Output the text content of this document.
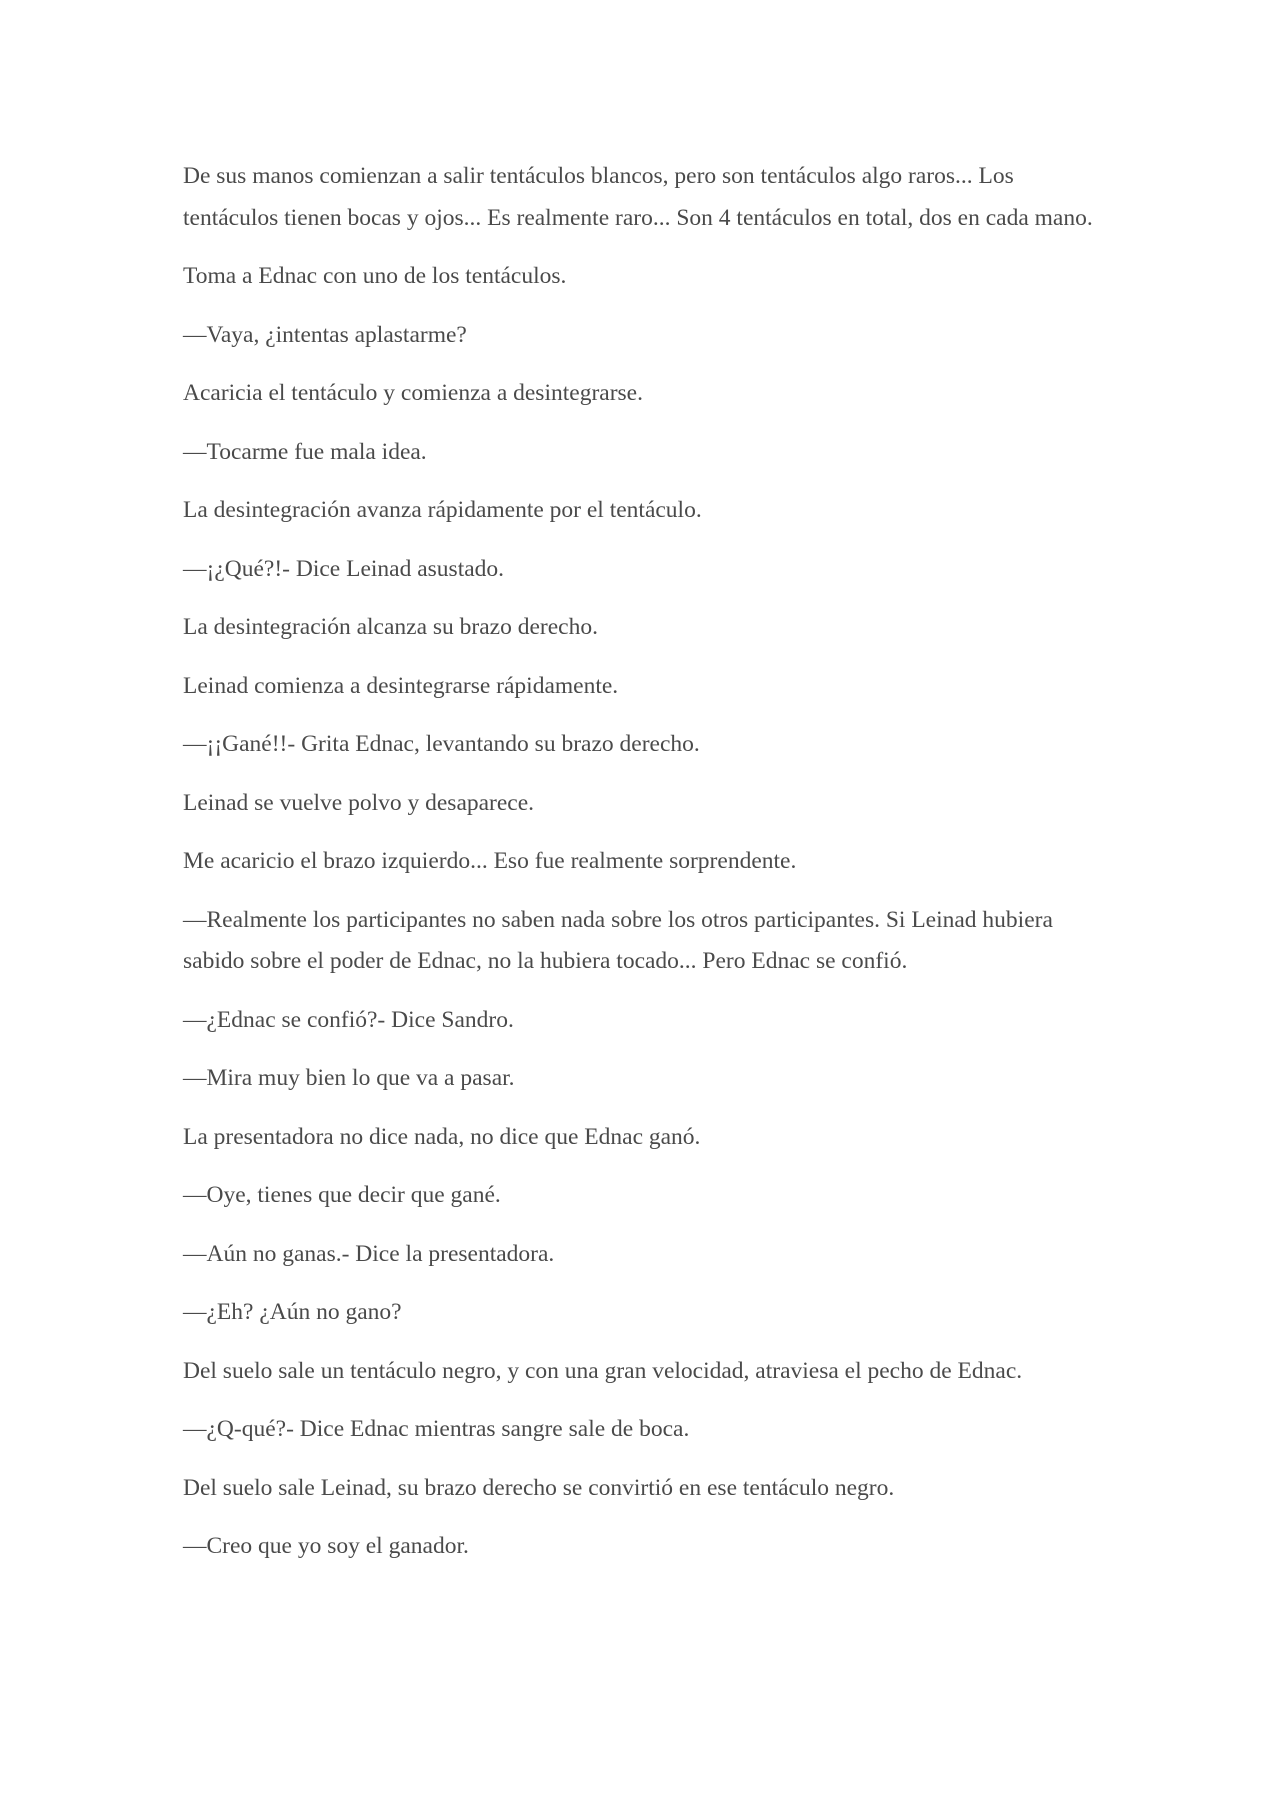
De sus manos comienzan a salir tentáculos blancos, pero son tentáculos algo raros... Los tentáculos tienen bocas y ojos... Es realmente raro... Son 4 tentáculos en total, dos en cada mano.

Toma a Ednac con uno de los tentáculos.

—Vaya, ¿intentas aplastarme?

Acaricia el tentáculo y comienza a desintegrarse.

—Tocarme fue mala idea.

La desintegración avanza rápidamente por el tentáculo.

—¡¿Qué?!- Dice Leinad asustado.

La desintegración alcanza su brazo derecho.

Leinad comienza a desintegrarse rápidamente.

—¡¡Gané!!- Grita Ednac, levantando su brazo derecho.

Leinad se vuelve polvo y desaparece.

Me acaricio el brazo izquierdo... Eso fue realmente sorprendente.

—Realmente los participantes no saben nada sobre los otros participantes. Si Leinad hubiera sabido sobre el poder de Ednac, no la hubiera tocado... Pero Ednac se confió.

—¿Ednac se confió?- Dice Sandro.

—Mira muy bien lo que va a pasar.

La presentadora no dice nada, no dice que Ednac ganó.

—Oye, tienes que decir que gané.

—Aún no ganas.- Dice la presentadora.

—¿Eh? ¿Aún no gano?

Del suelo sale un tentáculo negro, y con una gran velocidad, atraviesa el pecho de Ednac.

—¿Q-qué?- Dice Ednac mientras sangre sale de boca.

Del suelo sale Leinad, su brazo derecho se convirtió en ese tentáculo negro.

—Creo que yo soy el ganador.
